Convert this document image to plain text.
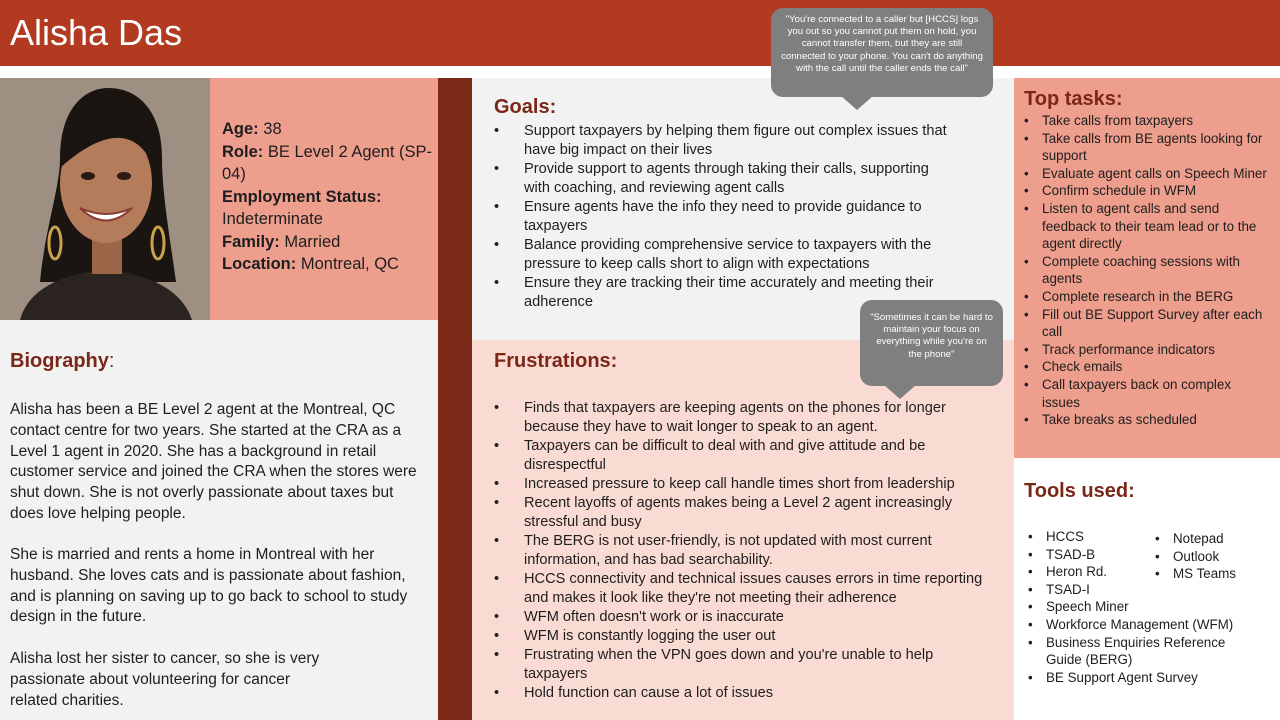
Alisha Das
Age: 38
Role: BE Level 2 Agent (SP-04)
Employment Status: Indeterminate
Family: Married
Location: Montreal, QC
Biography:

Alisha has been a BE Level 2 agent at the Montreal, QC contact centre for two years. She started at the CRA as a Level 1 agent in 2020. She has a background in retail customer service and joined the CRA when the stores were shut down. She is not overly passionate about taxes but does love helping people.

She is married and rents a home in Montreal with her husband. She loves cats and is passionate about fashion, and is planning on saving up to go back to school to study design in the future.

Alisha lost her sister to cancer, so she is very passionate about volunteering for cancer related charities.

Goals:
• Support taxpayers by helping them figure out complex issues that have big impact on their lives
• Provide support to agents through taking their calls, supporting with coaching, and reviewing agent calls
• Ensure agents have the info they need to provide guidance to taxpayers
• Balance providing comprehensive service to taxpayers with the pressure to keep calls short to align with expectations
• Ensure they are tracking their time accurately and meeting their adherence
Frustrations:
• Finds that taxpayers are keeping agents on the phones for longer because they have to wait longer to speak to an agent.
• Taxpayers can be difficult to deal with and give attitude and be disrespectful
• Increased pressure to keep call handle times short from leadership
• Recent layoffs of agents makes being a Level 2 agent increasingly stressful and busy
• The BERG is not user-friendly, is not updated with most current information, and has bad searchability.
• HCCS connectivity and technical issues causes errors in time reporting and makes it look like they're not meeting their adherence
• WFM often doesn't work or is inaccurate
• WFM is constantly logging the user out
• Frustrating when the VPN goes down and you're unable to help taxpayers
• Hold function can cause a lot of issues
"You're connected to a caller but [HCCS] logs you out so you cannot put them on hold, you cannot transfer them, but they are still connected to your phone. You can't do anything with the call until the caller ends the call"
"Sometimes it can be hard to maintain your focus on everything while you're on the phone"
Top tasks:
• Take calls from taxpayers
• Take calls from BE agents looking for support
• Evaluate agent calls on Speech Miner
• Confirm schedule in WFM
• Listen to agent calls and send feedback to their team lead or to the agent directly
• Complete coaching sessions with agents
• Complete research in the BERG
• Fill out BE Support Survey after each call
• Track performance indicators
• Check emails
• Call taxpayers back on complex issues
• Take breaks as scheduled
Tools used:
• HCCS
• TSAD-B
• Heron Rd.
• TSAD-I
• Speech Miner
• Workforce Management (WFM)
• Business Enquiries Reference Guide (BERG)
• BE Support Agent Survey
• Notepad
• Outlook
• MS Teams
